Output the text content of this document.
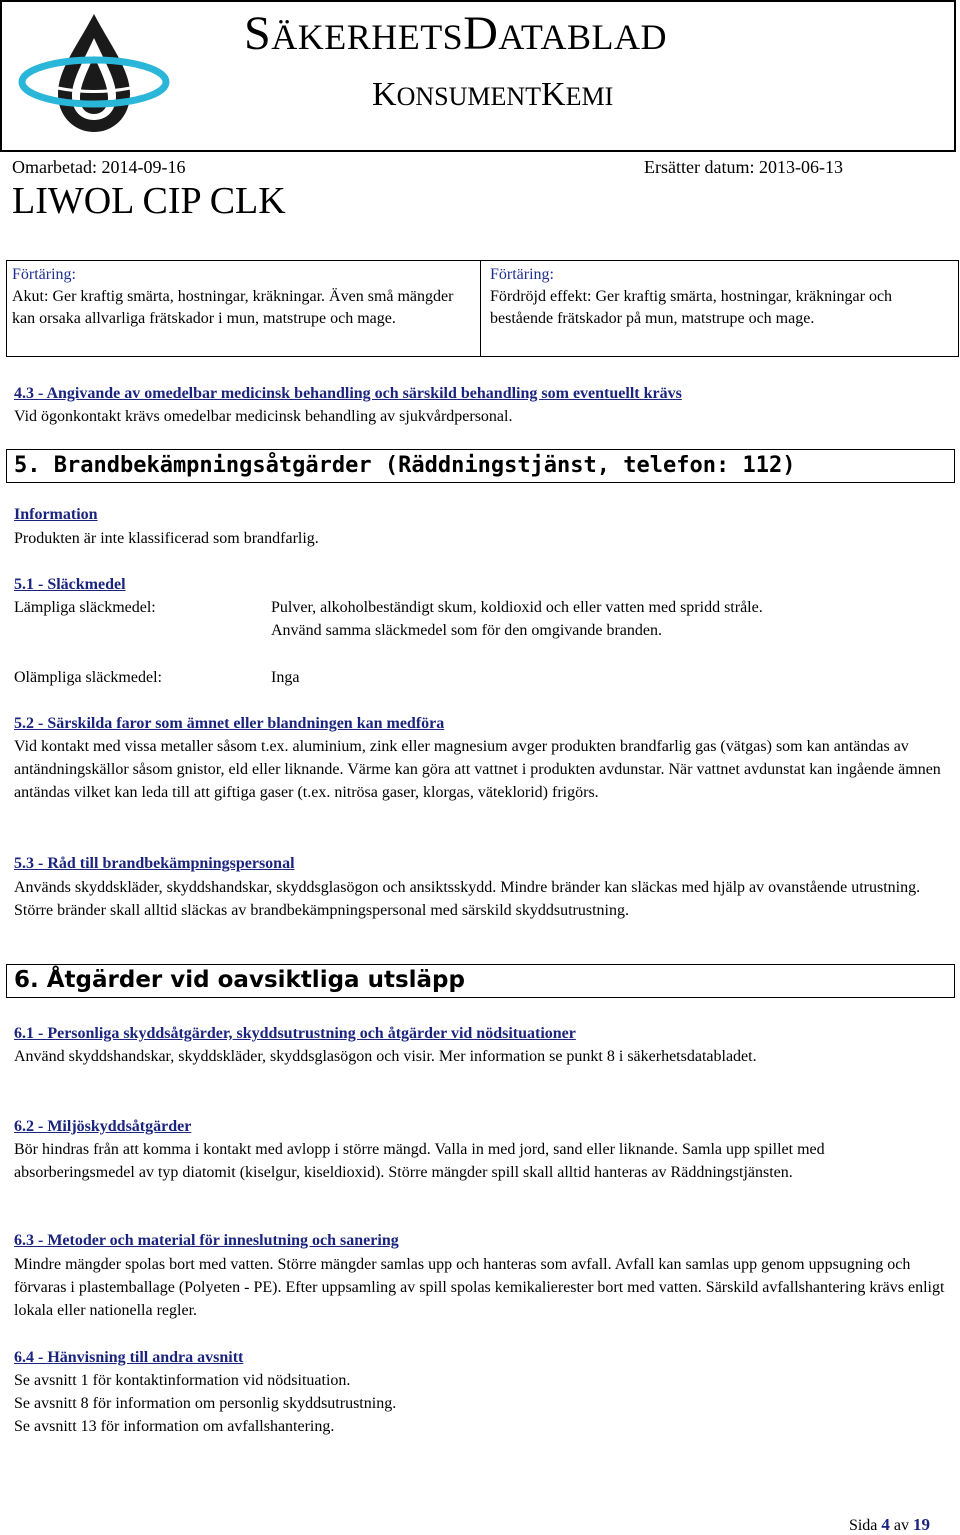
SÄKERHETSDATABLAD
KONSUMENTKEMI
Omarbetad: 2014-09-16	Ersätter datum: 2013-06-13
LIWOL CIP CLK
Förtäring:
Akut: Ger kraftig smärta, hostningar, kräkningar. Även små mängder kan orsaka allvarliga frätskador i mun, matstrupe och mage.
Förtäring:
Fördröjd effekt: Ger kraftig smärta, hostningar, kräkningar och bestående frätskador på mun, matstrupe och mage.
4.3 - Angivande av omedelbar medicinsk behandling och särskild behandling som eventuellt krävs
Vid ögonkontakt krävs omedelbar medicinsk behandling av sjukvårdpersonal.
5. Brandbekämpningsåtgärder (Räddningstjänst, telefon: 112)
Information
Produkten är inte klassificerad som brandfarlig.
5.1 - Släckmedel
Lämpliga släckmedel:	Pulver, alkoholbeständigt skum, koldioxid och eller vatten med spridd stråle.
Använd samma släckmedel som för den omgivande branden.
Olämpliga släckmedel:	Inga
5.2 - Särskilda faror som ämnet eller blandningen kan medföra
Vid kontakt med vissa metaller såsom t.ex. aluminium, zink eller magnesium avger produkten brandfarlig gas (vätgas) som kan antändas av antändningskällor såsom gnistor, eld eller liknande. Värme kan göra att vattnet i produkten avdunstar. När vattnet avdunstat kan ingående ämnen antändas vilket kan leda till att giftiga gaser (t.ex. nitrösa gaser, klorgas, väteklorid) frigörs.
5.3 - Råd till brandbekämpningspersonal
Används skyddskläder, skyddshandskar, skyddsglasögon och ansiktsskydd. Mindre bränder kan släckas med hjälp av ovanstående utrustning. Större bränder skall alltid släckas av brandbekämpningspersonal med särskild skyddsutrustning.
6. Åtgärder vid oavsiktliga utsläpp
6.1 - Personliga skyddsåtgärder, skyddsutrustning och åtgärder vid nödsituationer
Använd skyddshandskar, skyddskläder, skyddsglasögon och visir. Mer information se punkt 8 i säkerhetsdatabladet.
6.2 - Miljöskyddsåtgärder
Bör hindras från att komma i kontakt med avlopp i större mängd. Valla in med jord, sand eller liknande. Samla upp spillet med absorberingsmedel av typ diatomit (kiselgur, kiseldioxid). Större mängder spill skall alltid hanteras av Räddningstjänsten.
6.3 - Metoder och material för inneslutning och sanering
Mindre mängder spolas bort med vatten. Större mängder samlas upp och hanteras som avfall. Avfall kan samlas upp genom uppsugning och förvaras i plastemballage (Polyeten - PE). Efter uppsamling av spill spolas kemikalierester bort med vatten. Särskild avfallshantering krävs enligt lokala eller nationella regler.
6.4 - Hänvisning till andra avsnitt
Se avsnitt 1 för kontaktinformation vid nödsituation.
Se avsnitt 8 för information om personlig skyddsutrustning.
Se avsnitt 13 för information om avfallshantering.
Sida 4 av 19
